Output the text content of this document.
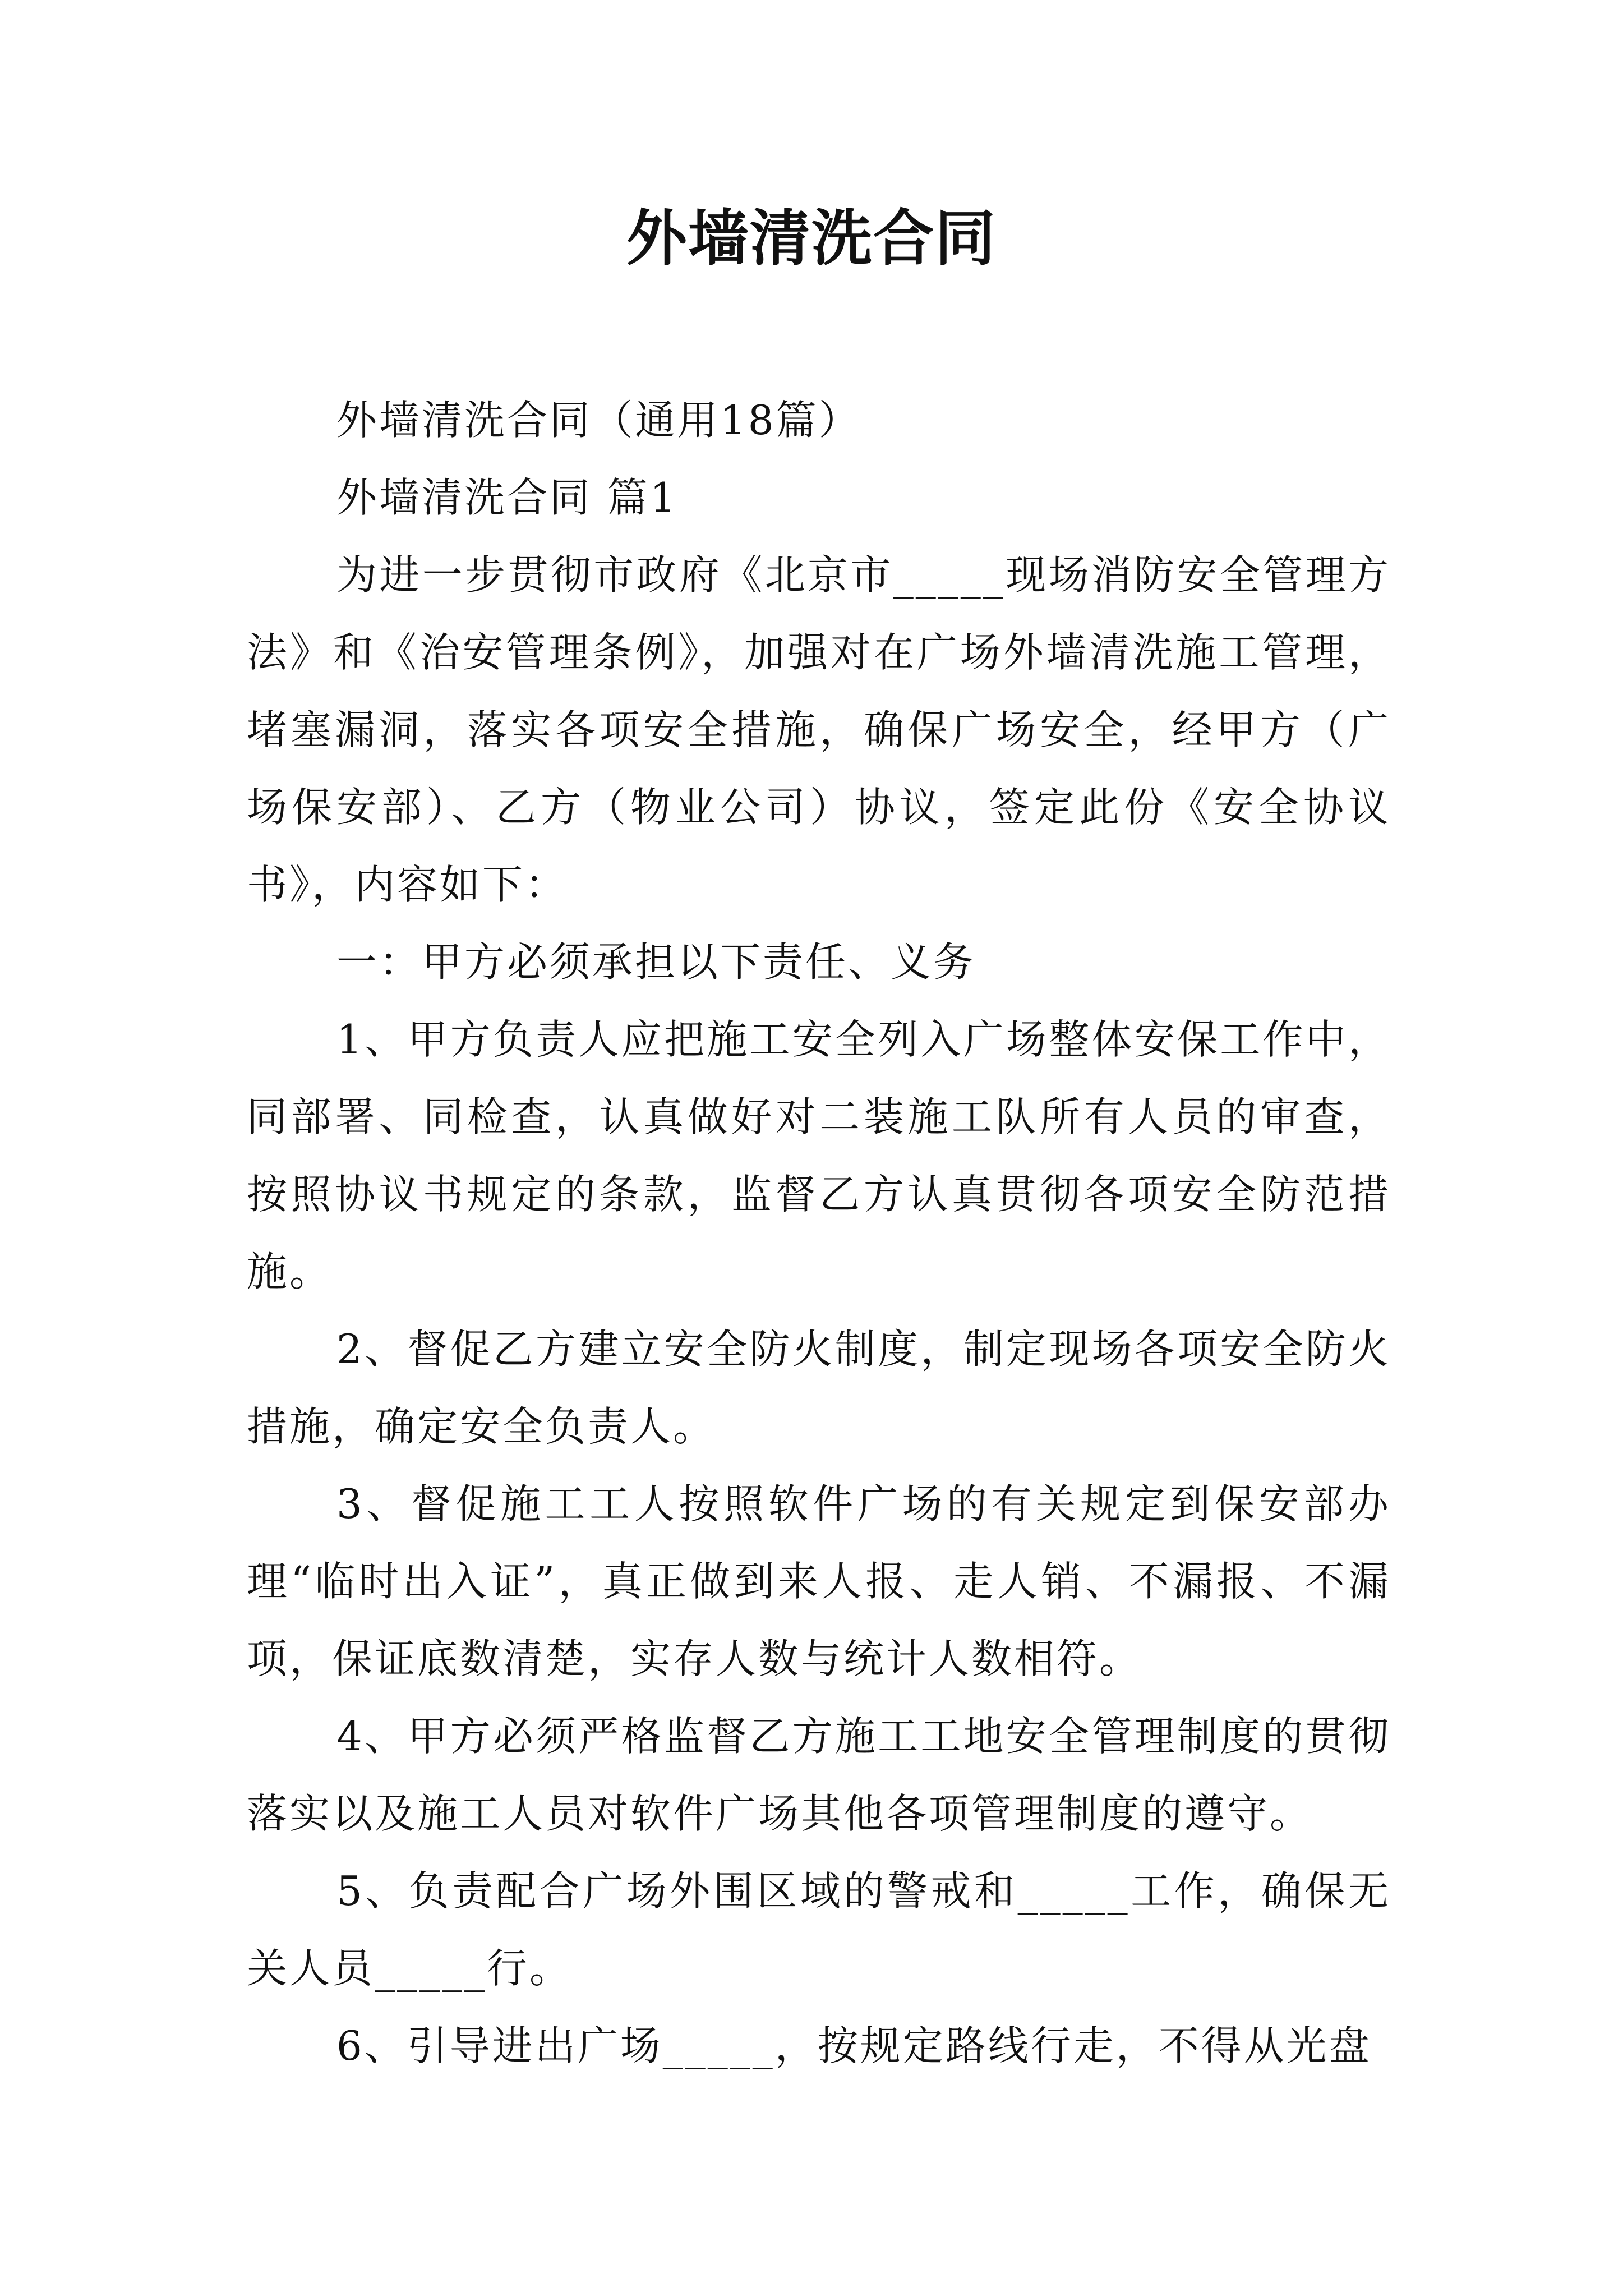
外墙清洗合同

外墙清洗合同（通用18篇）

外墙清洗合同 篇1

为进一步贯彻市政府《北京市_____现场消防安全管理方法》和《治安管理条例》，加强对在广场外墙清洗施工管理，堵塞漏洞，落实各项安全措施，确保广场安全，经甲方（广场保安部）、乙方（物业公司）协议，签定此份《安全协议书》，内容如下：

一：甲方必须承担以下责任、义务

1、甲方负责人应把施工安全列入广场整体安保工作中，同部署、同检查，认真做好对二装施工队所有人员的审查，按照协议书规定的条款，监督乙方认真贯彻各项安全防范措施。

2、督促乙方建立安全防火制度，制定现场各项安全防火措施，确定安全负责人。

3、督促施工工人按照软件广场的有关规定到保安部办理“临时出入证”，真正做到来人报、走人销、不漏报、不漏项，保证底数清楚，实存人数与统计人数相符。

4、甲方必须严格监督乙方施工工地安全管理制度的贯彻落实以及施工人员对软件广场其他各项管理制度的遵守。

5、负责配合广场外围区域的警戒和_____工作，确保无关人员_____行。

6、引导进出广场_____，按规定路线行走，不得从光盘
